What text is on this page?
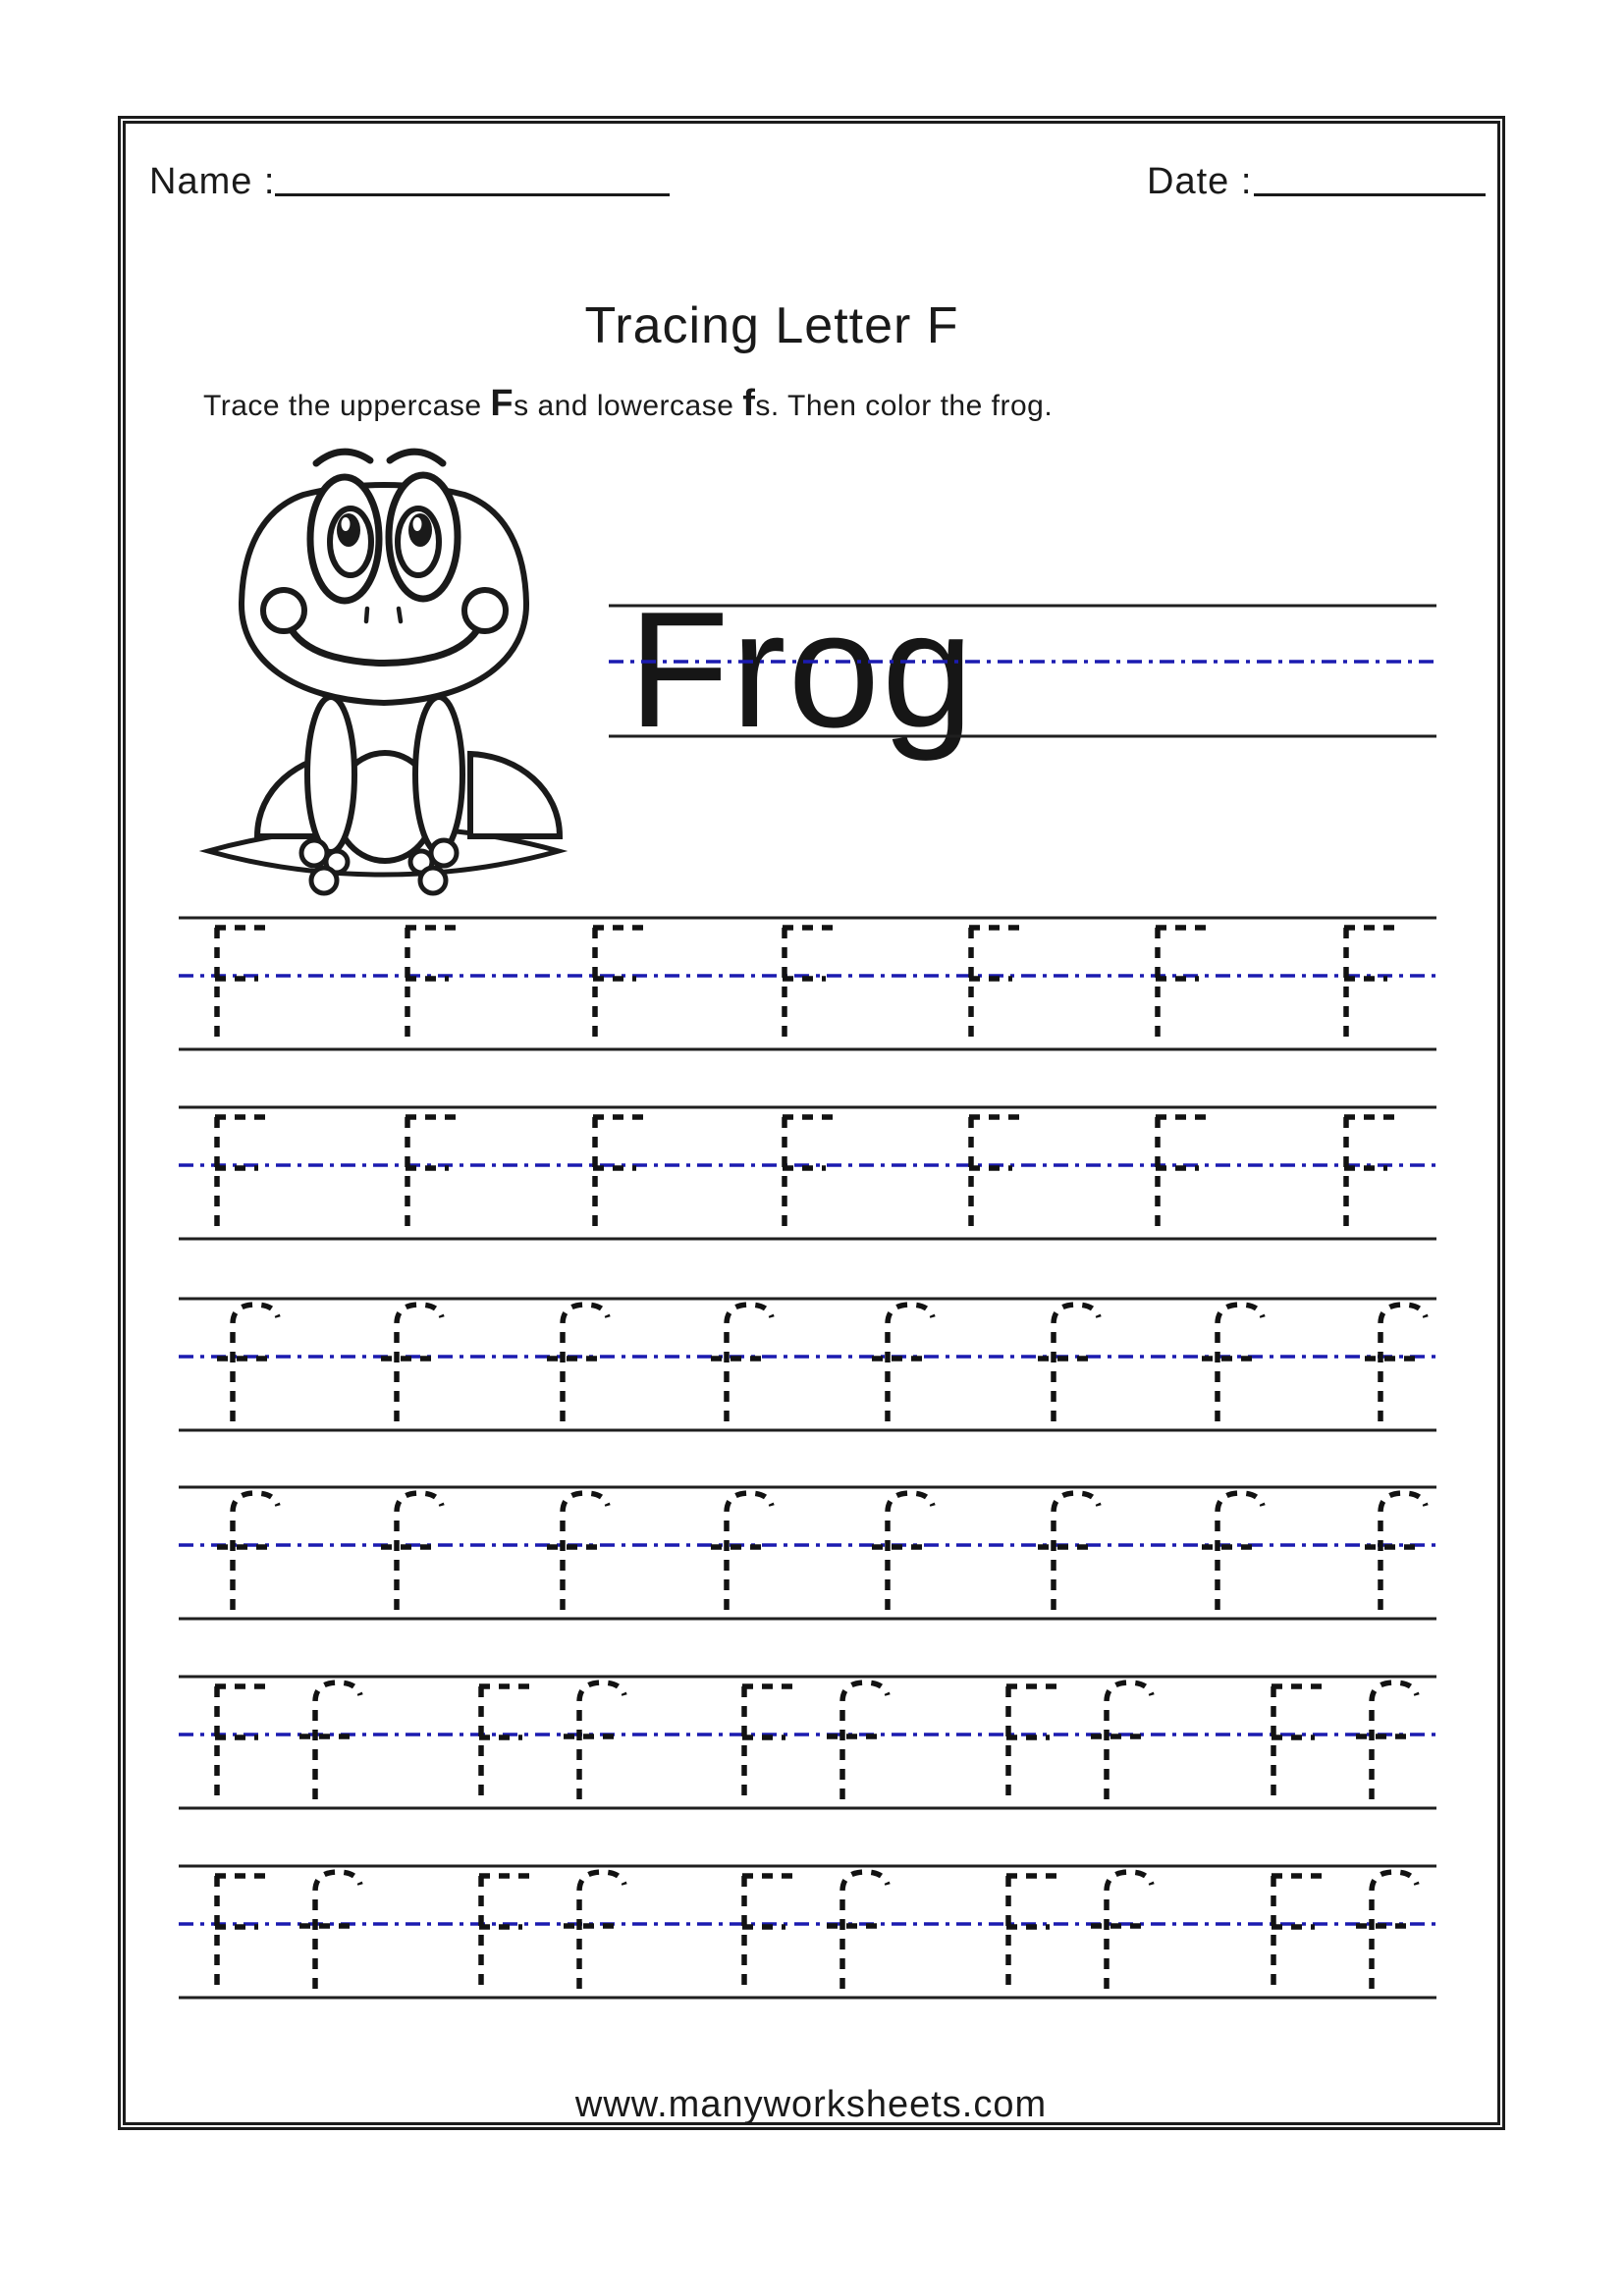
Name :	Date :
Tracing Letter F
Trace the uppercase Fs and lowercase fs. Then color the frog.
Frog
www.manyworksheets.com
